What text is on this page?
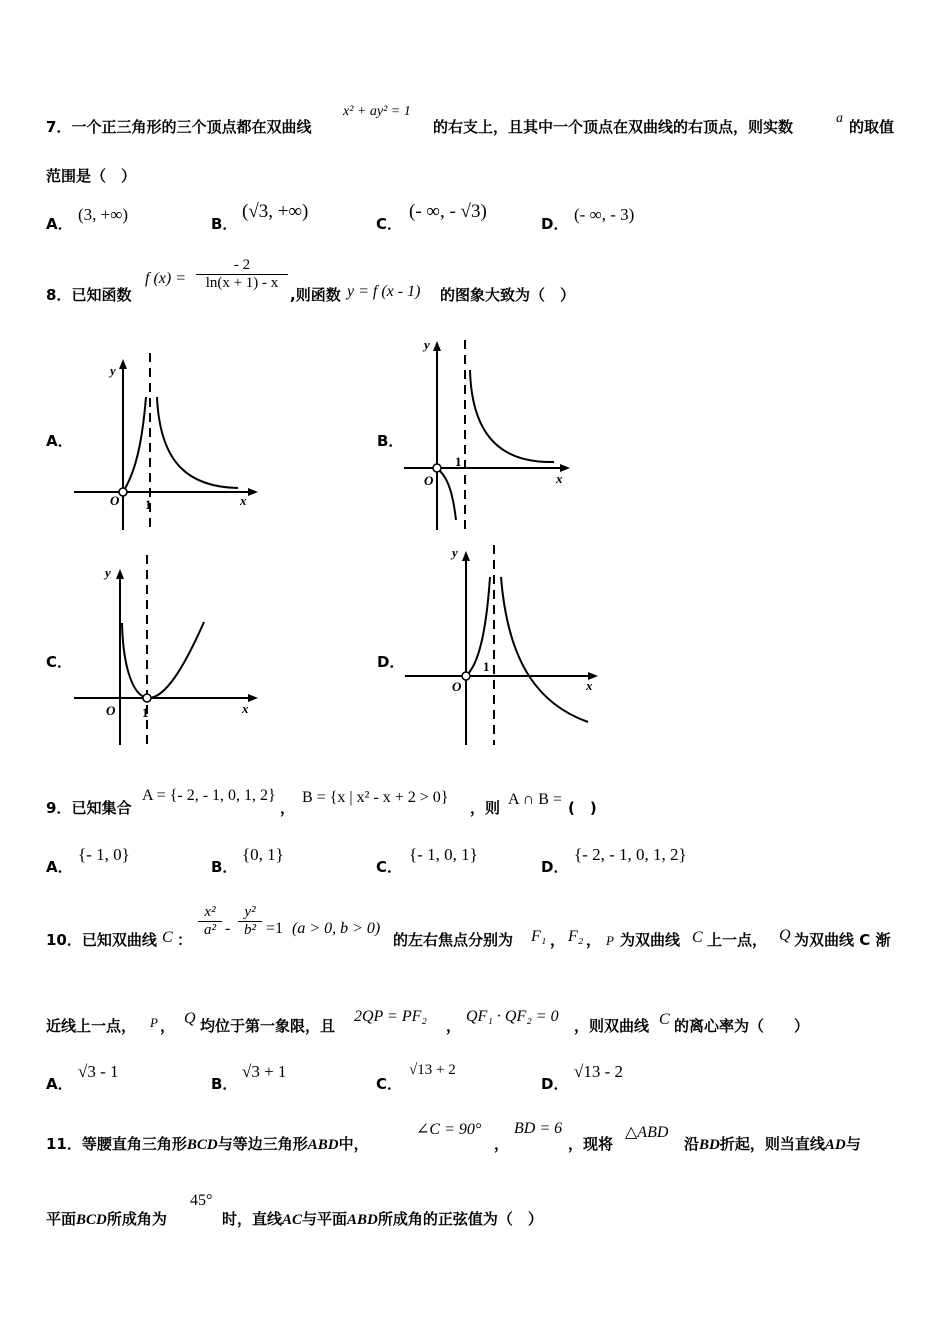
7．一个正三角形的三个顶点都在双曲线
x² + ay² = 1
的右支上，且其中一个顶点在双曲线的右顶点，则实数	a 的取值
范围是（　）
A． (3, +∞)	B．
(√3, +∞)
C．
(- ∞, - √3)
D． (- ∞, - 3)
8．已知函数
f $(x) = \frac{- 2}{\ln(x + 1) - x}$
,则函数 y = f (x - 1) 的图象大致为（　）
A．	B．
C．	D．
y
x
O 1
y
x
O
1
y
x
O 1
y
x
O
1
9．已知集合
A = {- 2, - 1, 0, 1, 2}
，
B = {x | x² - x + 2 > 0}
，则 A ∩ B = (　)
A．
{- 1, 0}
B．
{0, 1}
C．
{- 1, 0, 1}
D．
{- 2, - 1, 0, 1, 2}
10．已知双曲线 C ：
$\frac{\text{x²}}{\text{a²}} - \frac{\text{y²}}{\text{b²}} =1$ (a > 0, b > 0)
的左右焦点分别为 F₁ ， F₂ ， P 为双曲线 C 上一点， Q 为双曲线 C 渐
近线上一点， P ， Q 均位于第一象限，且
2QP = PF₂
，
QF₁ · QF₂ = 0
，则双曲线 C 的离心率为（　　）
A．
√3 - 1
B．
√3 + 1
C．
√13 + 2
D．
√13 - 2
11．等腰直角三角形BCD与等边三角形ABD中，
∠C = 90°
，
BD = 6
，现将
△ABD
沿BD折起，则当直线AD与
平面BCD所成角为
45°
时，直线AC与平面ABD所成角的正弦值为（　）
